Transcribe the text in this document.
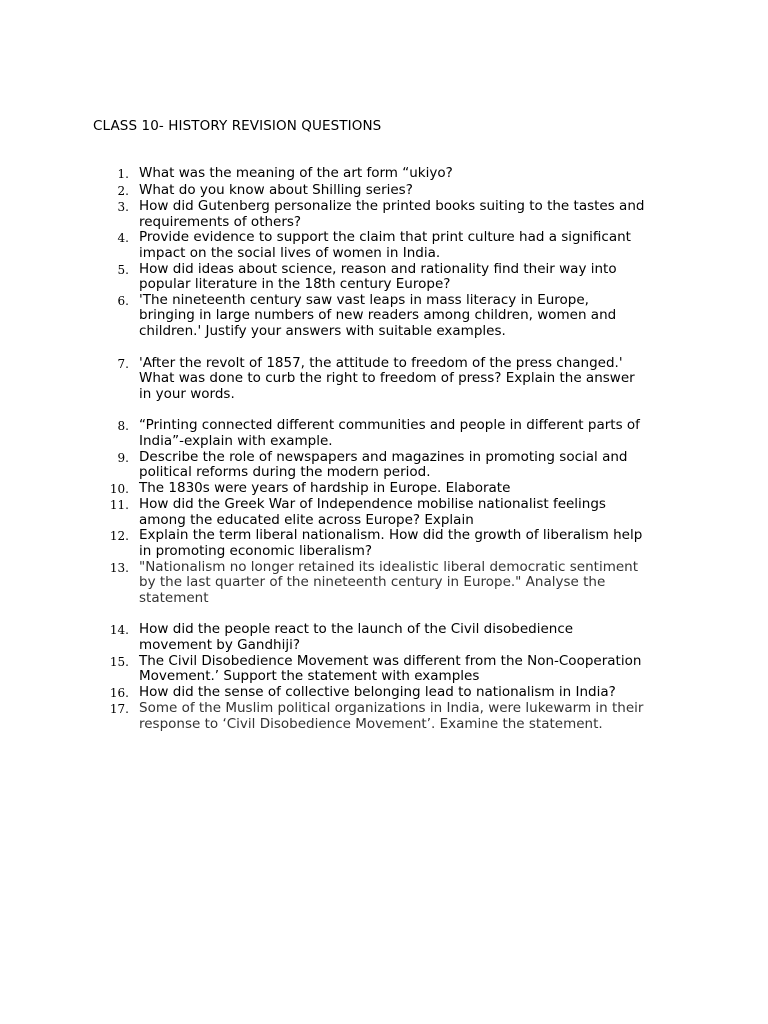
CLASS 10- HISTORY REVISION QUESTIONS
1. What was the meaning of the art form “ukiyo?
2. What do you know about Shilling series?
3. How did Gutenberg personalize the printed books suiting to the tastes and
requirements of others?
4. Provide evidence to support the claim that print culture had a significant
impact on the social lives of women in India.
5. How did ideas about science, reason and rationality find their way into
popular literature in the 18th century Europe?
6. 'The nineteenth century saw vast leaps in mass literacy in Europe,
bringing in large numbers of new readers among children, women and
children.' Justify your answers with suitable examples.
7. 'After the revolt of 1857, the attitude to freedom of the press changed.'
What was done to curb the right to freedom of press? Explain the answer
in your words.
8. “Printing connected different communities and people in different parts of
India”-explain with example.
9. Describe the role of newspapers and magazines in promoting social and
political reforms during the modern period.
10. The 1830s were years of hardship in Europe. Elaborate
11. How did the Greek War of Independence mobilise nationalist feelings
among the educated elite across Europe? Explain
12. Explain the term liberal nationalism. How did the growth of liberalism help
in promoting economic liberalism?
13. "Nationalism no longer retained its idealistic liberal democratic sentiment
by the last quarter of the nineteenth century in Europe." Analyse the
statement
14. How did the people react to the launch of the Civil disobedience
movement by Gandhiji?
15. The Civil Disobedience Movement was different from the Non-Cooperation
Movement.’ Support the statement with examples
16. How did the sense of collective belonging lead to nationalism in India?
17. Some of the Muslim political organizations in India, were lukewarm in their
response to ‘Civil Disobedience Movement’. Examine the statement.
